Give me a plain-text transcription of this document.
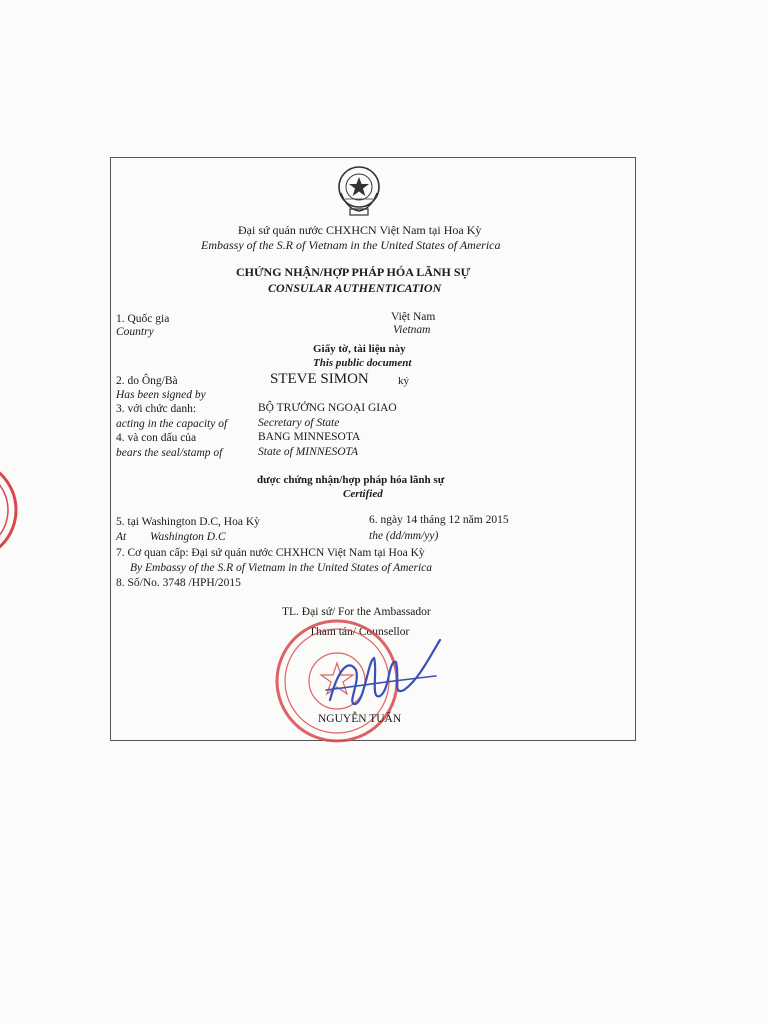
Đại sứ quán nước CHXHCN Việt Nam tại Hoa Kỳ
Embassy of the S.R of Vietnam in the United States of America
CHỨNG NHẬN/HỢP PHÁP HÓA LÃNH SỰ
CONSULAR AUTHENTICATION
1. Quốc gia
Country
Việt Nam
Vietnam
Giấy tờ, tài liệu này
This public document
2. do Ông/Bà
Has been signed by
STEVE SIMON	ký
3. với chức danh:
acting in the capacity of
BỘ TRƯỞNG NGOẠI GIAO
Secretary of State
4. và con dấu của
bears the seal/stamp of
BANG MINNESOTA
State of MINNESOTA
được chứng nhận/hợp pháp hóa lãnh sự
Certified
5. tại Washington D.C, Hoa Kỳ
At Washington D.C
6. ngày 14 tháng 12 năm 2015
the (dd/mm/yy)
7. Cơ quan cấp: Đại sứ quán nước CHXHCN Việt Nam tại Hoa Kỳ
By Embassy of the S.R of Vietnam in the United States of America
8. Số/No. 3748 /HPH/2015
TL. Đại sứ/ For the Ambassador
Tham tán/ Counsellor
NGUYỄN TUẤN
